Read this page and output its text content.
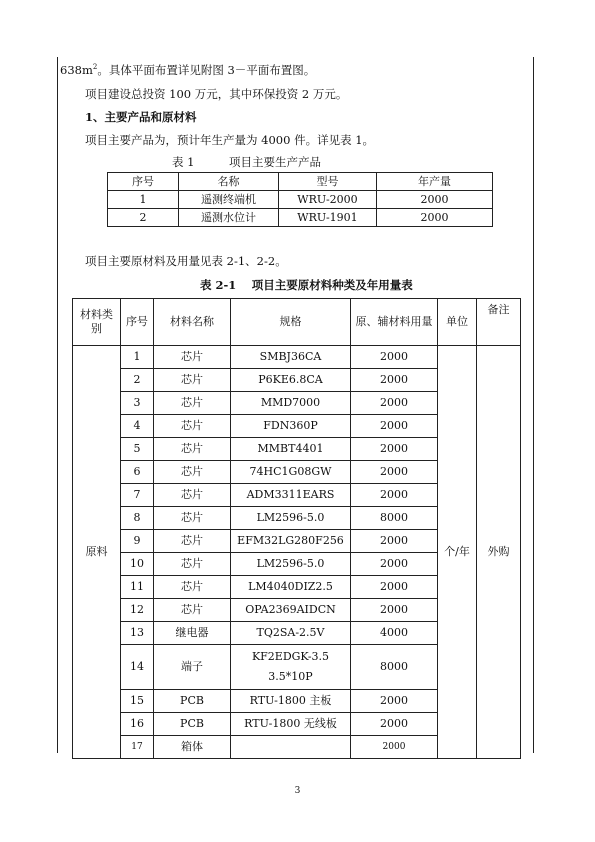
$638m^2$。具体平面布置详见附图 3－平面布置图。
项目建设总投资 100 万元，其中环保投资 2 万元。
1、主要产品和原材料
项目主要产品为，预计年生产量为 4000 件。详见表 1。
表 1　　　项目主要生产产品
序号	名称	型号	年产量
1	遥测终端机	WRU-2000	2000
2	遥测水位计	WRU-1901	2000
项目主要原材料及用量见表 2-1、2-2。
表 2-1　 项目主要原材料种类及年用量表
材料类别	序号	材料名称	规格	原、辅材料用量	单位	备注
原料	1	芯片	SMBJ36CA	2000	个/年	外购
	2	芯片	P6KE6.8CA	2000		
	3	芯片	MMD7000	2000		
	4	芯片	FDN360P	2000		
	5	芯片	MMBT4401	2000		
	6	芯片	74HC1G08GW	2000		
	7	芯片	ADM3311EARS	2000		
	8	芯片	LM2596-5.0	8000		
	9	芯片	EFM32LG280F256	2000		
	10	芯片	LM2596-5.0	2000		
	11	芯片	LM4040DIZ2.5	2000		
	12	芯片	OPA2369AIDCN	2000		
	13	继电器	TQ2SA-2.5V	4000		
	14	端子	KF2EDGK-3.5
3.5*10P	8000		
	15	PCB	RTU-1800 主板	2000		
	16	PCB	RTU-1800 无线板	2000		
	17	箱体		2000		
3
